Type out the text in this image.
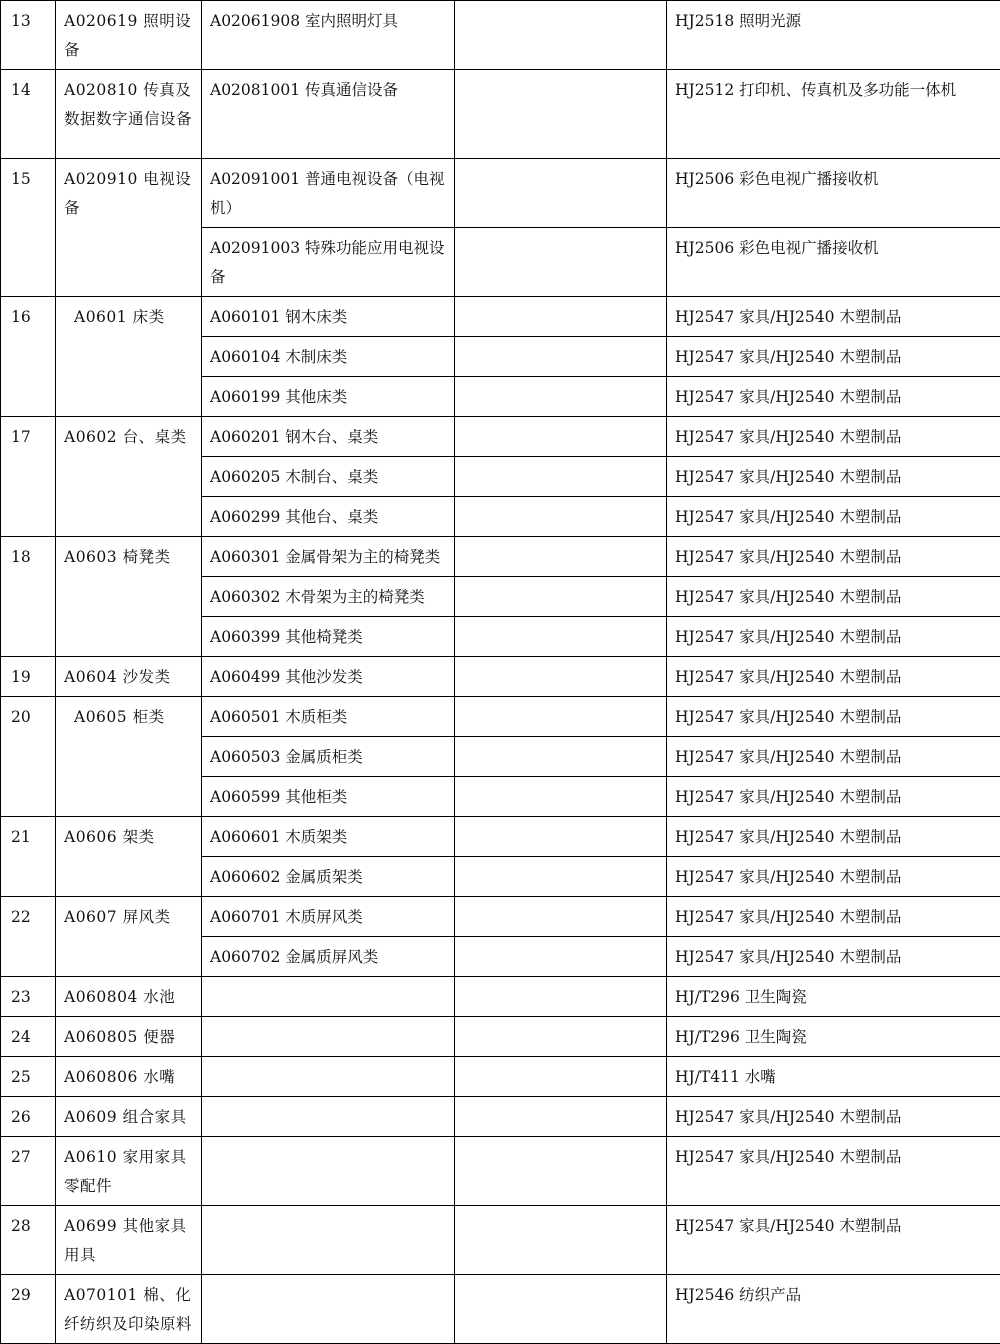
13	A020619 照明设备	A02061908 室内照明灯具		HJ2518 照明光源
14	A020810 传真及数据数字通信设备	A02081001 传真通信设备		HJ2512 打印机、传真机及多功能一体机
15	A020910 电视设备	A02091001 普通电视设备（电视机）		HJ2506 彩色电视广播接收机
		A02091003 特殊功能应用电视设备		HJ2506 彩色电视广播接收机
16	A0601 床类	A060101 钢木床类		HJ2547 家具/HJ2540 木塑制品
		A060104 木制床类		HJ2547 家具/HJ2540 木塑制品
		A060199 其他床类		HJ2547 家具/HJ2540 木塑制品
17	A0602 台、桌类	A060201 钢木台、桌类		HJ2547 家具/HJ2540 木塑制品
		A060205 木制台、桌类		HJ2547 家具/HJ2540 木塑制品
		A060299 其他台、桌类		HJ2547 家具/HJ2540 木塑制品
18	A0603 椅凳类	A060301 金属骨架为主的椅凳类		HJ2547 家具/HJ2540 木塑制品
		A060302 木骨架为主的椅凳类		HJ2547 家具/HJ2540 木塑制品
		A060399 其他椅凳类		HJ2547 家具/HJ2540 木塑制品
19	A0604 沙发类	A060499 其他沙发类		HJ2547 家具/HJ2540 木塑制品
20	A0605 柜类	A060501 木质柜类		HJ2547 家具/HJ2540 木塑制品
		A060503 金属质柜类		HJ2547 家具/HJ2540 木塑制品
		A060599 其他柜类		HJ2547 家具/HJ2540 木塑制品
21	A0606 架类	A060601 木质架类		HJ2547 家具/HJ2540 木塑制品
		A060602 金属质架类		HJ2547 家具/HJ2540 木塑制品
22	A0607 屏风类	A060701 木质屏风类		HJ2547 家具/HJ2540 木塑制品
		A060702 金属质屏风类		HJ2547 家具/HJ2540 木塑制品
23	A060804 水池			HJ/T296 卫生陶瓷
24	A060805 便器			HJ/T296 卫生陶瓷
25	A060806 水嘴			HJ/T411 水嘴
26	A0609 组合家具			HJ2547 家具/HJ2540 木塑制品
27	A0610 家用家具零配件			HJ2547 家具/HJ2540 木塑制品
28	A0699 其他家具用具			HJ2547 家具/HJ2540 木塑制品
29	A070101 棉、化纤纺织及印染原料			HJ2546 纺织产品
